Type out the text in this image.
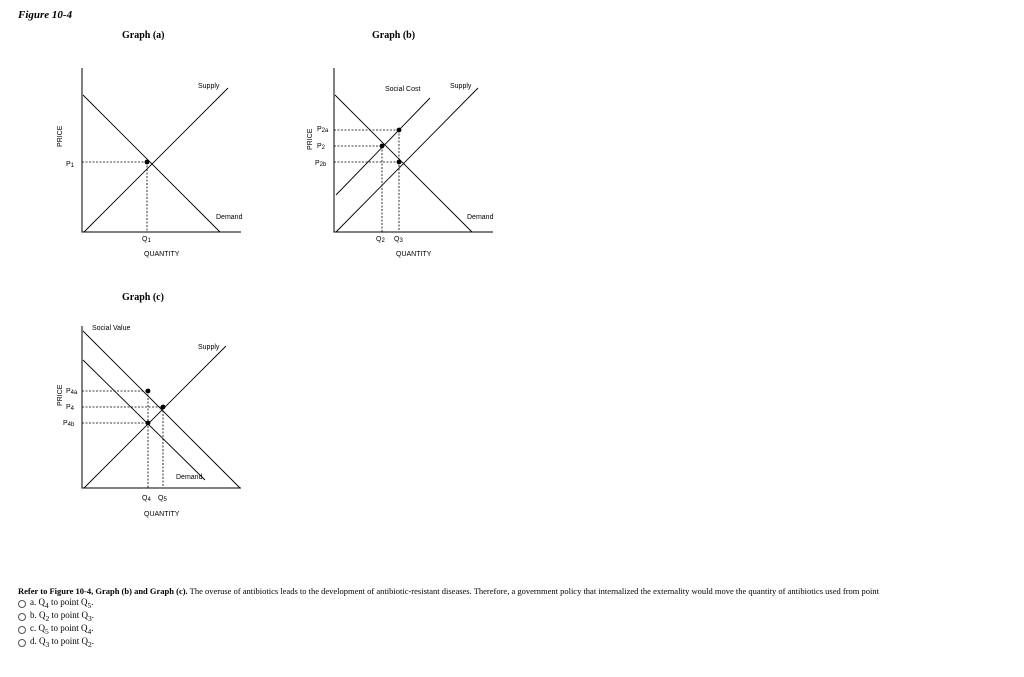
Figure 10-4
Graph (a)
Supply
Demand
PRICE
QUANTITY
P1
Q1
Graph (b)
Social Cost	Supply
Demand
PRICE
QUANTITY
P2a
P2
P2b
Q2 Q3
Graph (c)
Social Value
Supply
Demand
PRICE
QUANTITY
P4a
P4
P4b
Q4 Q5
Refer to Figure 10-4, Graph (b) and Graph (c). The overuse of antibiotics leads to the development of antibiotic-resistant diseases. Therefore, a government policy that internalized the externality would move the quantity of antibiotics used from point
a. $Q_4$ to point $Q_5$.
b. $Q_2$ to point $Q_3$.
c. $Q_5$ to point $Q_4$.
d. $Q_3$ to point $Q_2$.
